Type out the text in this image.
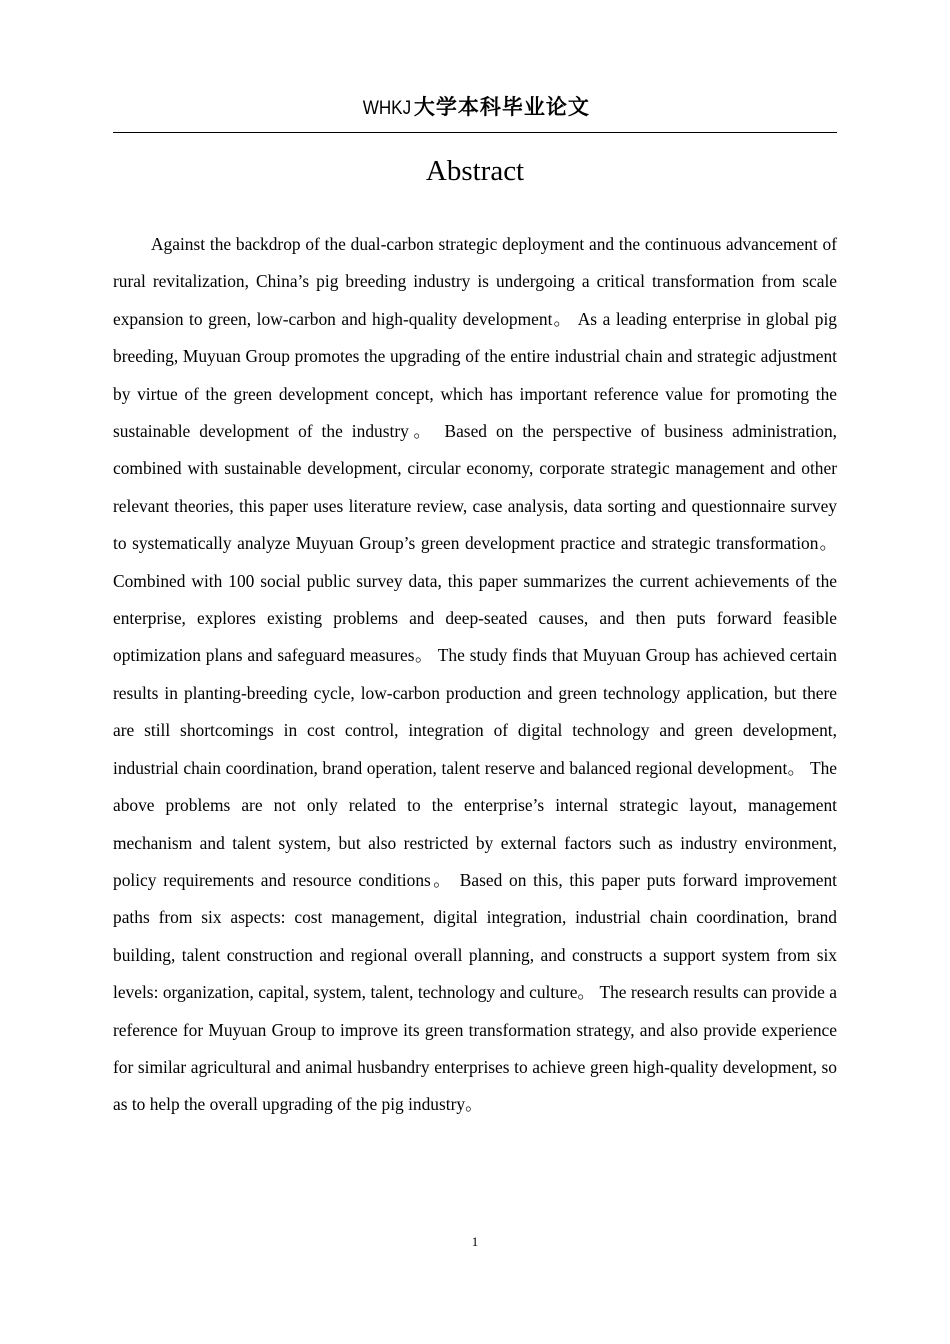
WHKJ 大学本科毕业论文
Abstract

Against the backdrop of the dual-carbon strategic deployment and the continuous advancement of rural revitalization, China’s pig breeding industry is undergoing a critical transformation from scale expansion to green, low-carbon and high-quality development。 As a leading enterprise in global pig breeding, Muyuan Group promotes the upgrading of the entire industrial chain and strategic adjustment by virtue of the green development concept, which has important reference value for promoting the sustainable development of the industry。 Based on the perspective of business administration, combined with sustainable development, circular economy, corporate strategic management and other relevant theories, this paper uses literature review, case analysis, data sorting and questionnaire survey to systematically analyze Muyuan Group’s green development practice and strategic transformation。 Combined with 100 social public survey data, this paper summarizes the current achievements of the enterprise, explores existing problems and deep-seated causes, and then puts forward feasible optimization plans and safeguard measures。 The study finds that Muyuan Group has achieved certain results in planting-breeding cycle, low-carbon production and green technology application, but there are still shortcomings in cost control, integration of digital technology and green development, industrial chain coordination, brand operation, talent reserve and balanced regional development。 The above problems are not only related to the enterprise’s internal strategic layout, management mechanism and talent system, but also restricted by external factors such as industry environment, policy requirements and resource conditions。 Based on this, this paper puts forward improvement paths from six aspects: cost management, digital integration, industrial chain coordination, brand building, talent construction and regional overall planning, and constructs a support system from six levels: organization, capital, system, talent, technology and culture。 The research results can provide a reference for Muyuan Group to improve its green transformation strategy, and also provide experience for similar agricultural and animal husbandry enterprises to achieve green high-quality development, so as to help the overall upgrading of the pig industry。

1
